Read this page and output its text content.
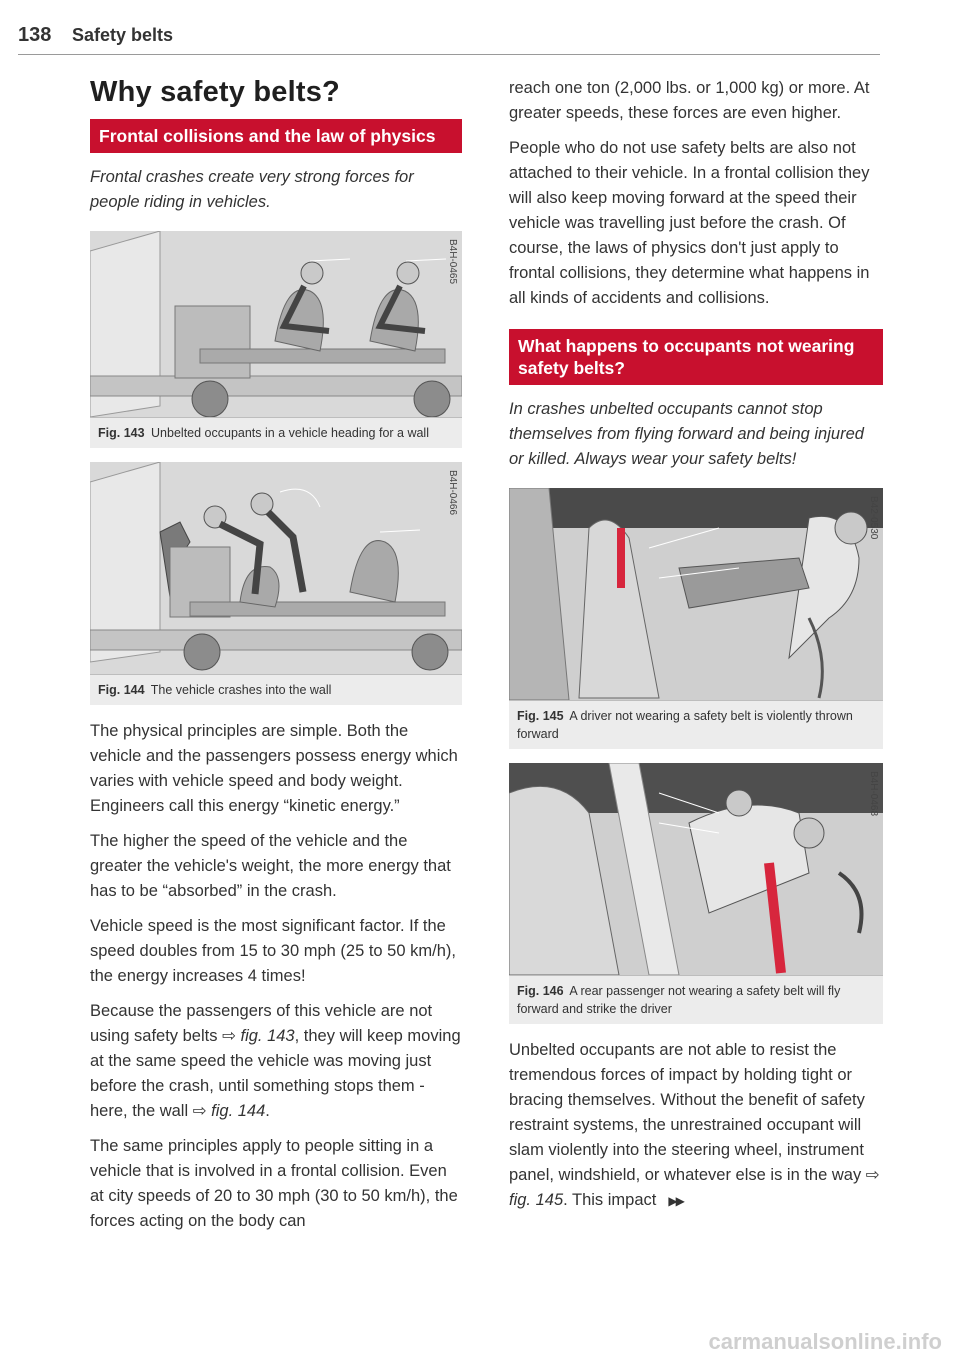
138 Safety belts
Why safety belts?
Frontal collisions and the law of physics
Frontal crashes create very strong forces for people riding in vehicles.
B4H-0465
Fig. 143 Unbelted occupants in a vehicle heading for a wall
B4H-0466
Fig. 144 The vehicle crashes into the wall

The physical principles are simple. Both the vehicle and the passengers possess energy which varies with vehicle speed and body weight. Engineers call this energy “kinetic energy.”

The higher the speed of the vehicle and the greater the vehicle's weight, the more energy that has to be “absorbed” in the crash.

Vehicle speed is the most significant factor. If the speed doubles from 15 to 30 mph (25 to 50 km/h), the energy increases 4 times!

Because the passengers of this vehicle are not using safety belts ⇨ fig. 143, they will keep moving at the same speed the vehicle was moving just before the crash, until something stops them - here, the wall ⇨ fig. 144.

The same principles apply to people sitting in a vehicle that is involved in a frontal collision. Even at city speeds of 20 to 30 mph (30 to 50 km/h), the forces acting on the body can

reach one ton (2,000 lbs. or 1,000 kg) or more. At greater speeds, these forces are even higher.

People who do not use safety belts are also not attached to their vehicle. In a frontal collision they will also keep moving forward at the speed their vehicle was travelling just before the crash. Of course, the laws of physics don't just apply to frontal collisions, they determine what happens in all kinds of accidents and collisions.

What happens to occupants not wearing safety belts?
In crashes unbelted occupants cannot stop themselves from flying forward and being injured or killed. Always wear your safety belts!
B42-0530
Fig. 145 A driver not wearing a safety belt is violently thrown forward
B4H-0468
Fig. 146 A rear passenger not wearing a safety belt will fly forward and strike the driver

Unbelted occupants are not able to resist the tremendous forces of impact by holding tight or bracing themselves. Without the benefit of safety restraint systems, the unrestrained occupant will slam violently into the steering wheel, instrument panel, windshield, or whatever else is in the way ⇨ fig. 145. This impact ▶▶

carmanualsonline.info
